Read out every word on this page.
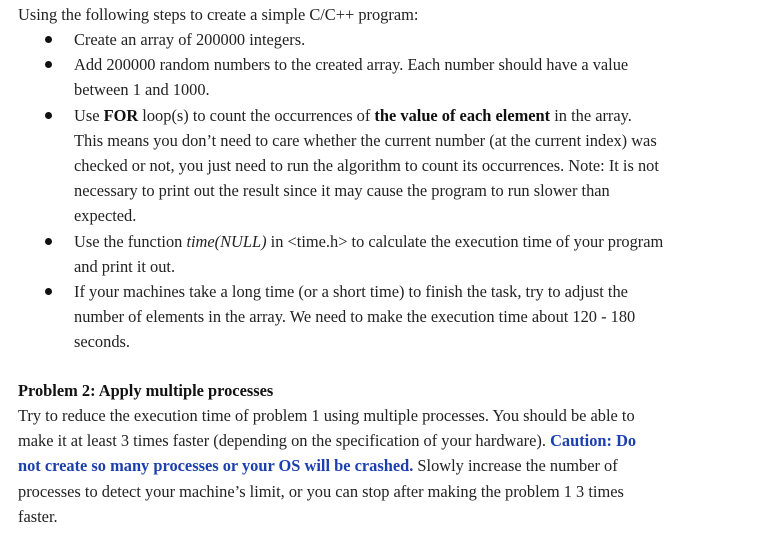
Using the following steps to create a simple C/C++ program:

Create an array of 200000 integers.
Add 200000 random numbers to the created array. Each number should have a value
between 1 and 1000.
Use FOR loop(s) to count the occurrences of the value of each element in the array.
This means you don’t need to care whether the current number (at the current index) was
checked or not, you just need to run the algorithm to count its occurrences. Note: It is not
necessary to print out the result since it may cause the program to run slower than
expected.
Use the function time(NULL) in <time.h> to calculate the execution time of your program
and print it out.
If your machines take a long time (or a short time) to finish the task, try to adjust the
number of elements in the array. We need to make the execution time about 120 - 180
seconds.

Problem 2: Apply multiple processes

Try to reduce the execution time of problem 1 using multiple processes. You should be able to
make it at least 3 times faster (depending on the specification of your hardware). Caution: Do
not create so many processes or your OS will be crashed. Slowly increase the number of
processes to detect your machine’s limit, or you can stop after making the problem 1 3 times
faster.
